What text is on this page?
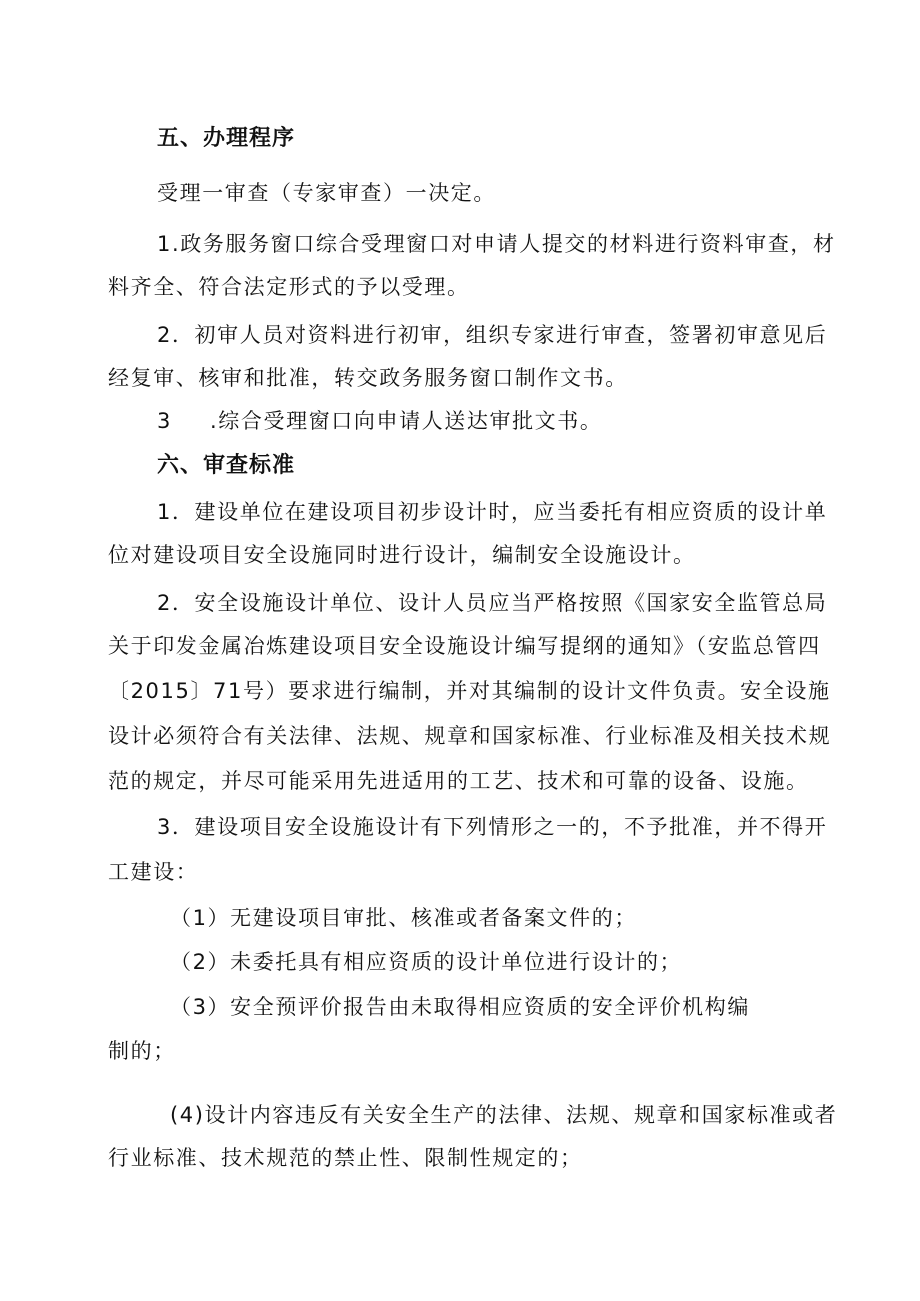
五、办理程序
受理一审查（专家审查）一决定。
1.政务服务窗口综合受理窗口对申请人提交的材料进行资料审查，材
料齐全、符合法定形式的予以受理。
2．初审人员对资料进行初审，组织专家进行审查，签署初审意见后
经复审、核审和批准，转交政务服务窗口制作文书。
3 .综合受理窗口向申请人送达审批文书。
六、审查标准
1．建设单位在建设项目初步设计时，应当委托有相应资质的设计单
位对建设项目安全设施同时进行设计，编制安全设施设计。
2．安全设施设计单位、设计人员应当严格按照《国家安全监管总局
关于印发金属冶炼建设项目安全设施设计编写提纲的通知》（安监总管四
〔2015〕71号）要求进行编制，并对其编制的设计文件负责。安全设施
设计必须符合有关法律、法规、规章和国家标准、行业标准及相关技术规
范的规定，并尽可能采用先进适用的工艺、技术和可靠的设备、设施。
3．建设项目安全设施设计有下列情形之一的，不予批准，并不得开
工建设：
（1）无建设项目审批、核准或者备案文件的；
（2）未委托具有相应资质的设计单位进行设计的；
（3）安全预评价报告由未取得相应资质的安全评价机构编
制的；
(4)设计内容违反有关安全生产的法律、法规、规章和国家标准或者
行业标准、技术规范的禁止性、限制性规定的；
